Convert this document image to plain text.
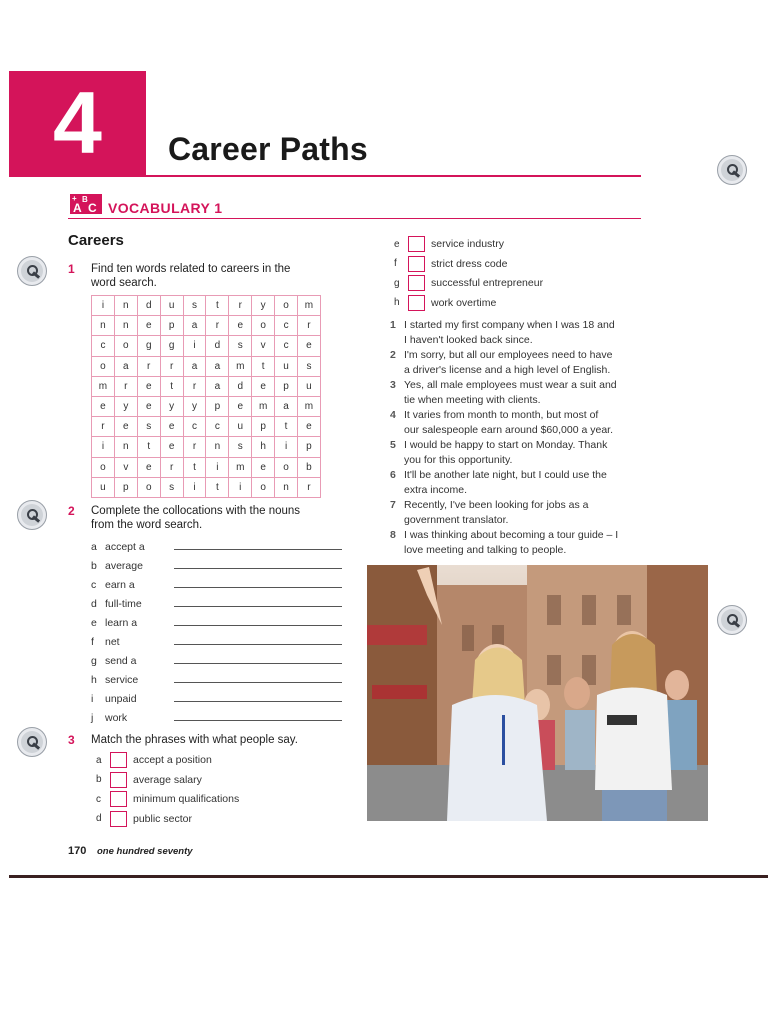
4	Career Paths
+
A
B
C VOCABULARY 1
Careers
1 Find ten words related to careers in the
word search.
i	n	d	u	s	t	r	y	o	m
n	n	e	p	a	r	e	o	c	r
c	o	g	g	i	d	s	v	c	e
o	a	r	r	a	a	m	t	u	s
m	r	e	t	r	a	d	e	p	u
e	y	e	y	y	p	e	m	a	m
r	e	s	e	c	c	u	p	t	e
i	n	t	e	r	n	s	h	i	p
o	v	e	r	t	i	m	e	o	b
u	p	o	s	i	t	i	o	n	r
2 Complete the collocations with the nouns
from the word search.
a accept a
b average
c earn a
d full-time
e learn a
f net
g send a
h service
i unpaid
j work
3 Match the phrases with what people say.
a	accept a position
b	average salary
c	minimum qualifications
d	public sector
e	service industry
f	strict dress code
g	successful entrepreneur
h	work overtime
1 I started my first company when I was 18 and
I haven't looked back since.
2 I'm sorry, but all our employees need to have
a driver's license and a high level of English.
3 Yes, all male employees must wear a suit and
tie when meeting with clients.
4 It varies from month to month, but most of
our salespeople earn around $60,000 a year.
5 I would be happy to start on Monday. Thank
you for this opportunity.
6 It'll be another late night, but I could use the
extra income.
7 Recently, I've been looking for jobs as a
government translator.
8 I was thinking about becoming a tour guide – I
love meeting and talking to people.
170 one hundred seventy
